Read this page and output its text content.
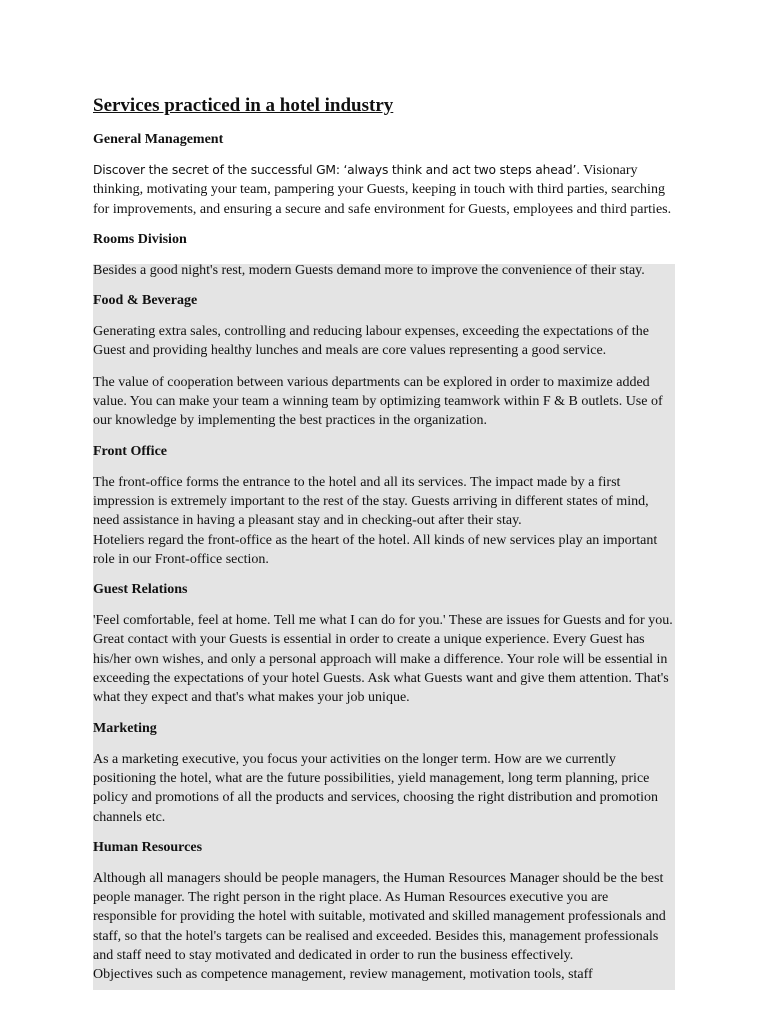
Services practiced in a hotel industry
General Management

Discover the secret of the successful GM: ‘always think and act two steps ahead’. Visionary thinking, motivating your team, pampering your Guests, keeping in touch with third parties, searching for improvements, and ensuring a secure and safe environment for Guests, employees and third parties.

Rooms Division

Besides a good night's rest, modern Guests demand more to improve the convenience of their stay.

Food & Beverage

Generating extra sales, controlling and reducing labour expenses, exceeding the expectations of the Guest and providing healthy lunches and meals are core values representing a good service.

The value of cooperation between various departments can be explored in order to maximize added value. You can make your team a winning team by optimizing teamwork within F & B outlets. Use of our knowledge by implementing the best practices in the organization.

Front Office

The front-office forms the entrance to the hotel and all its services. The impact made by a first impression is extremely important to the rest of the stay. Guests arriving in different states of mind, need assistance in having a pleasant stay and in checking-out after their stay.
Hoteliers regard the front-office as the heart of the hotel. All kinds of new services play an important role in our Front-office section.

Guest Relations

'Feel comfortable, feel at home. Tell me what I can do for you.' These are issues for Guests and for you. Great contact with your Guests is essential in order to create a unique experience. Every Guest has his/her own wishes, and only a personal approach will make a difference. Your role will be essential in exceeding the expectations of your hotel Guests. Ask what Guests want and give them attention. That's what they expect and that's what makes your job unique.

Marketing

As a marketing executive, you focus your activities on the longer term. How are we currently positioning the hotel, what are the future possibilities, yield management, long term planning, price policy and promotions of all the products and services, choosing the right distribution and promotion channels etc.

Human Resources

Although all managers should be people managers, the Human Resources Manager should be the best people manager. The right person in the right place. As Human Resources executive you are responsible for providing the hotel with suitable, motivated and skilled management professionals and staff, so that the hotel's targets can be realised and exceeded. Besides this, management professionals and staff need to stay motivated and dedicated in order to run the business effectively.
Objectives such as competence management, review management, motivation tools, staff
